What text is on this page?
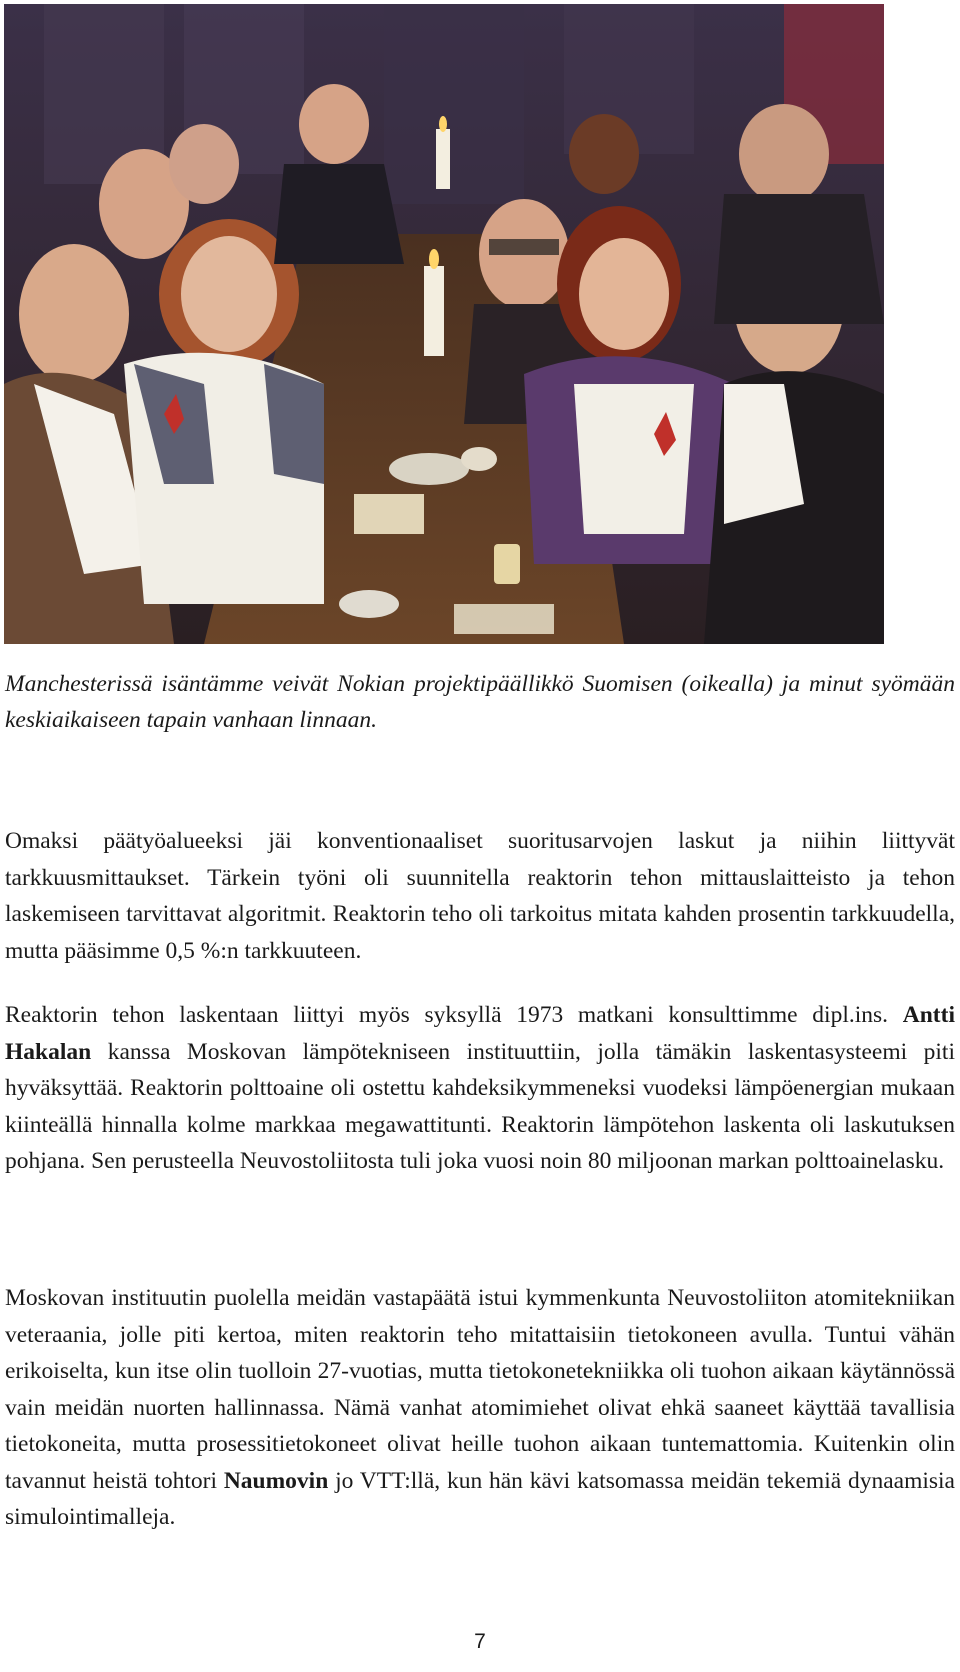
Manchesterissä isäntämme veivät Nokian projektipäällikkö Suomisen (oikealla) ja minut syömään keskiaikaiseen tapain vanhaan linnaan.

Omaksi päätyöalueeksi jäi konventionaaliset suoritusarvojen laskut ja niihin liittyvät tarkkuusmittaukset. Tärkein työni oli suunnitella reaktorin tehon mittauslaitteisto ja tehon laskemiseen tarvittavat algoritmit. Reaktorin teho oli tarkoitus mitata kahden prosentin tarkkuudella, mutta pääsimme 0,5 %:n tarkkuuteen.

Reaktorin tehon laskentaan liittyi myös syksyllä 1973 matkani konsulttimme dipl.ins. Antti Hakalan kanssa Moskovan lämpötekniseen instituuttiin, jolla tämäkin laskentasysteemi piti hyväksyttää. Reaktorin polttoaine oli ostettu kahdeksikymmeneksi vuodeksi lämpöenergian mukaan kiinteällä hinnalla kolme markkaa megawattitunti. Reaktorin lämpötehon laskenta oli laskutuksen pohjana. Sen perusteella Neuvostoliitosta tuli joka vuosi noin 80 miljoonan markan polttoainelasku.

Moskovan instituutin puolella meidän vastapäätä istui kymmenkunta Neuvostoliiton atomitekniikan veteraania, jolle piti kertoa, miten reaktorin teho mitattaisiin tietokoneen avulla. Tuntui vähän erikoiselta, kun itse olin tuolloin 27-vuotias, mutta tietokonetekniikka oli tuohon aikaan käytännössä vain meidän nuorten hallinnassa. Nämä vanhat atomimiehet olivat ehkä saaneet käyttää tavallisia tietokoneita, mutta prosessitietokoneet olivat heille tuohon aikaan tuntemattomia. Kuitenkin olin tavannut heistä tohtori Naumovin jo VTT:llä, kun hän kävi katsomassa meidän tekemiä dynaamisia simulointimalleja.

7
